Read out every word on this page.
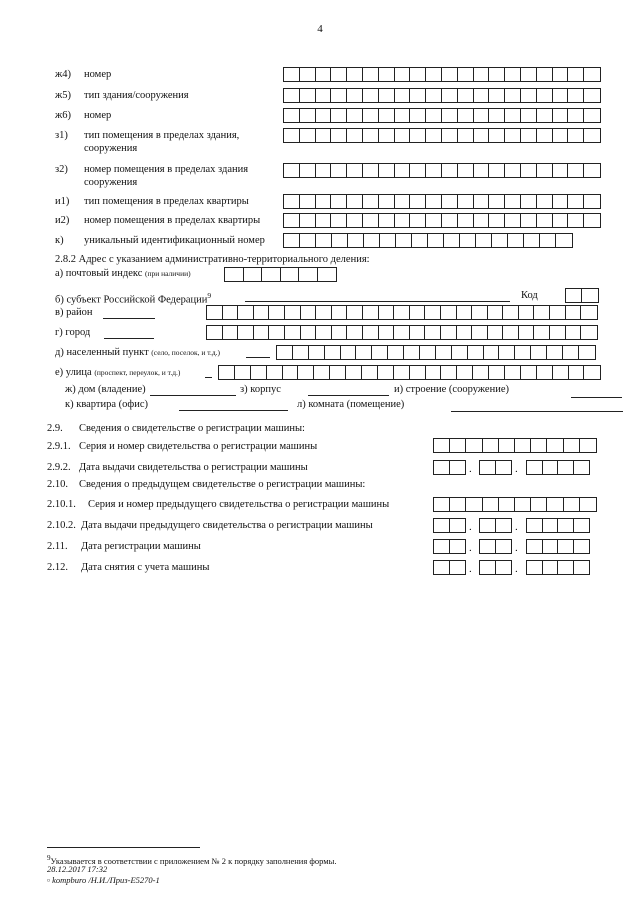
4
ж4) номер
ж5) тип здания/сооружения
ж6) номер
з1) тип помещения в пределах здания,
сооружения
з2) номер помещения в пределах здания
сооружения
и1) тип помещения в пределах квартиры
и2) номер помещения в пределах квартиры
к) уникальный идентификационный номер
2.8.2 Адрес с указанием административно-территориального деления:
а) почтовый индекс (при наличии)
б) субъект Российской Федерации$^9$	Код
в) район
г) город
д) населенный пункт (село, поселок, и т.д.)
е) улица (проспект, переулок, и т.д.)
ж) дом (владение)	з) корпус	и) строение (сооружение)
к) квартира (офис)	л) комната (помещение)
2.9. Сведения о свидетельстве о регистрации машины:
2.9.1. Серия и номер свидетельства о регистрации машины
2.9.2. Дата выдачи свидетельства о регистрации машины	.	.
2.10. Сведения о предыдущем свидетельстве о регистрации машины:
2.10.1. Серия и номер предыдущего свидетельства о регистрации машины
2.10.2. Дата выдачи предыдущего свидетельства о регистрации машины	.	.
2.11. Дата регистрации машины	.	.
2.12. Дата снятия с учета машины	.	.
$^9$Указывается в соответствии с приложением № 2 к порядку заполнения формы.
28.12.2017 17:32
▫ kompburo /Н.И./Приз-Е5270-1
